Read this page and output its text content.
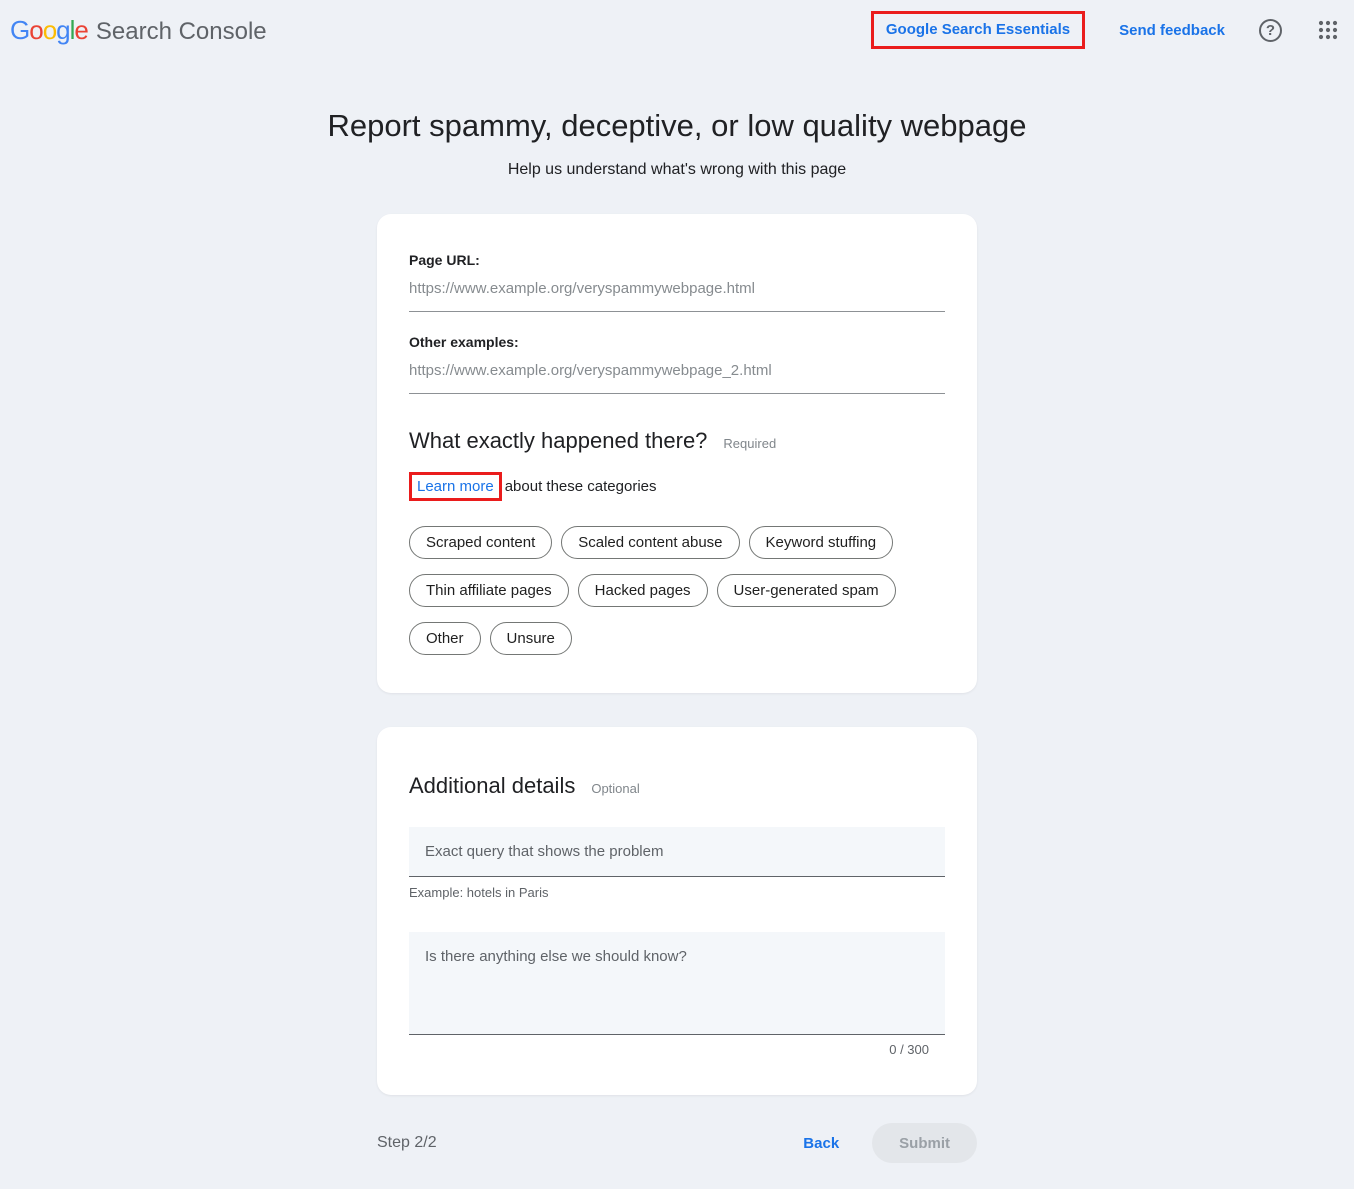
Google Search Console	Google Search Essentials	Send feedback	?
Report spammy, deceptive, or low quality webpage
Help us understand what's wrong with this page
Page URL:
https://www.example.org/veryspammywebpage.html
Other examples:
https://www.example.org/veryspammywebpage_2.html
What exactly happened there? Required
Learn more about these categories
Scraped content	Scaled content abuse	Keyword stuffing
Thin affiliate pages	Hacked pages	User-generated spam
Other	Unsure
Additional details Optional
Exact query that shows the problem
Example: hotels in Paris
Is there anything else we should know?
0 / 300
Step 2/2	Back	Submit
